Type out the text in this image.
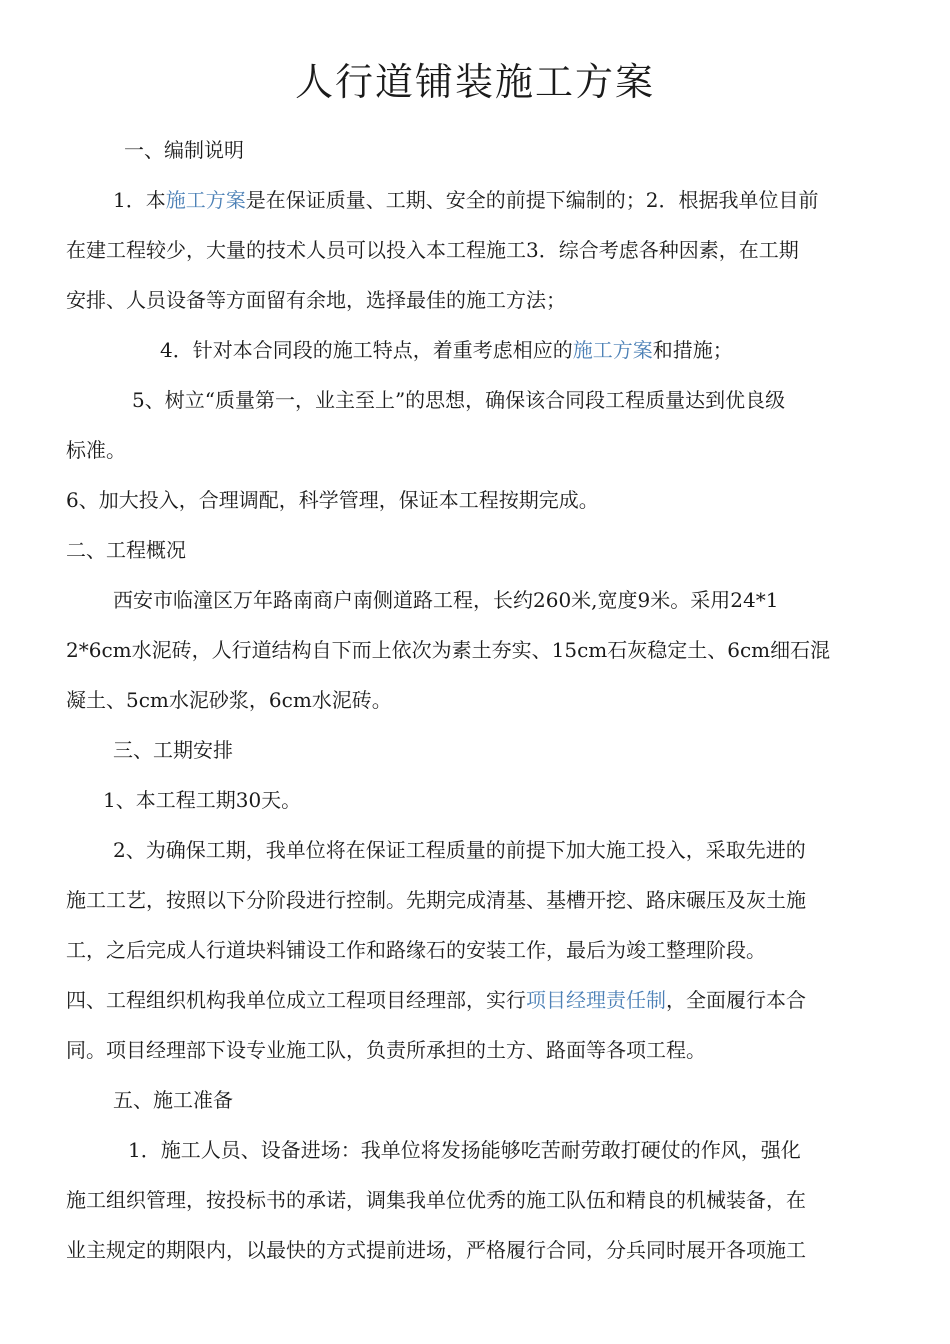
人行道铺装施工方案
一、编制说明
1．本施工方案是在保证质量、工期、安全的前提下编制的；2．根据我单位目前
在建工程较少，大量的技术人员可以投入本工程施工3．综合考虑各种因素，在工期
安排、人员设备等方面留有余地，选择最佳的施工方法；
4．针对本合同段的施工特点，着重考虑相应的施工方案和措施；
5、树立“质量第一，业主至上”的思想，确保该合同段工程质量达到优良级
标准。
6、加大投入，合理调配，科学管理，保证本工程按期完成。
二、工程概况
西安市临潼区万年路南商户南侧道路工程，长约260米,宽度9米。采用24*1
2*6cm水泥砖，人行道结构自下而上依次为素土夯实、15cm石灰稳定土、6cm细石混
凝土、5cm水泥砂浆，6cm水泥砖。
三、工期安排
1、本工程工期30天。
2、为确保工期，我单位将在保证工程质量的前提下加大施工投入，采取先进的
施工工艺，按照以下分阶段进行控制。先期完成清基、基槽开挖、路床碾压及灰土施
工，之后完成人行道块料铺设工作和路缘石的安装工作，最后为竣工整理阶段。
四、工程组织机构我单位成立工程项目经理部，实行项目经理责任制，全面履行本合
同。项目经理部下设专业施工队，负责所承担的土方、路面等各项工程。
五、施工准备
1．施工人员、设备进场：我单位将发扬能够吃苦耐劳敢打硬仗的作风，强化
施工组织管理，按投标书的承诺，调集我单位优秀的施工队伍和精良的机械装备，在
业主规定的期限内，以最快的方式提前进场，严格履行合同，分兵同时展开各项施工
